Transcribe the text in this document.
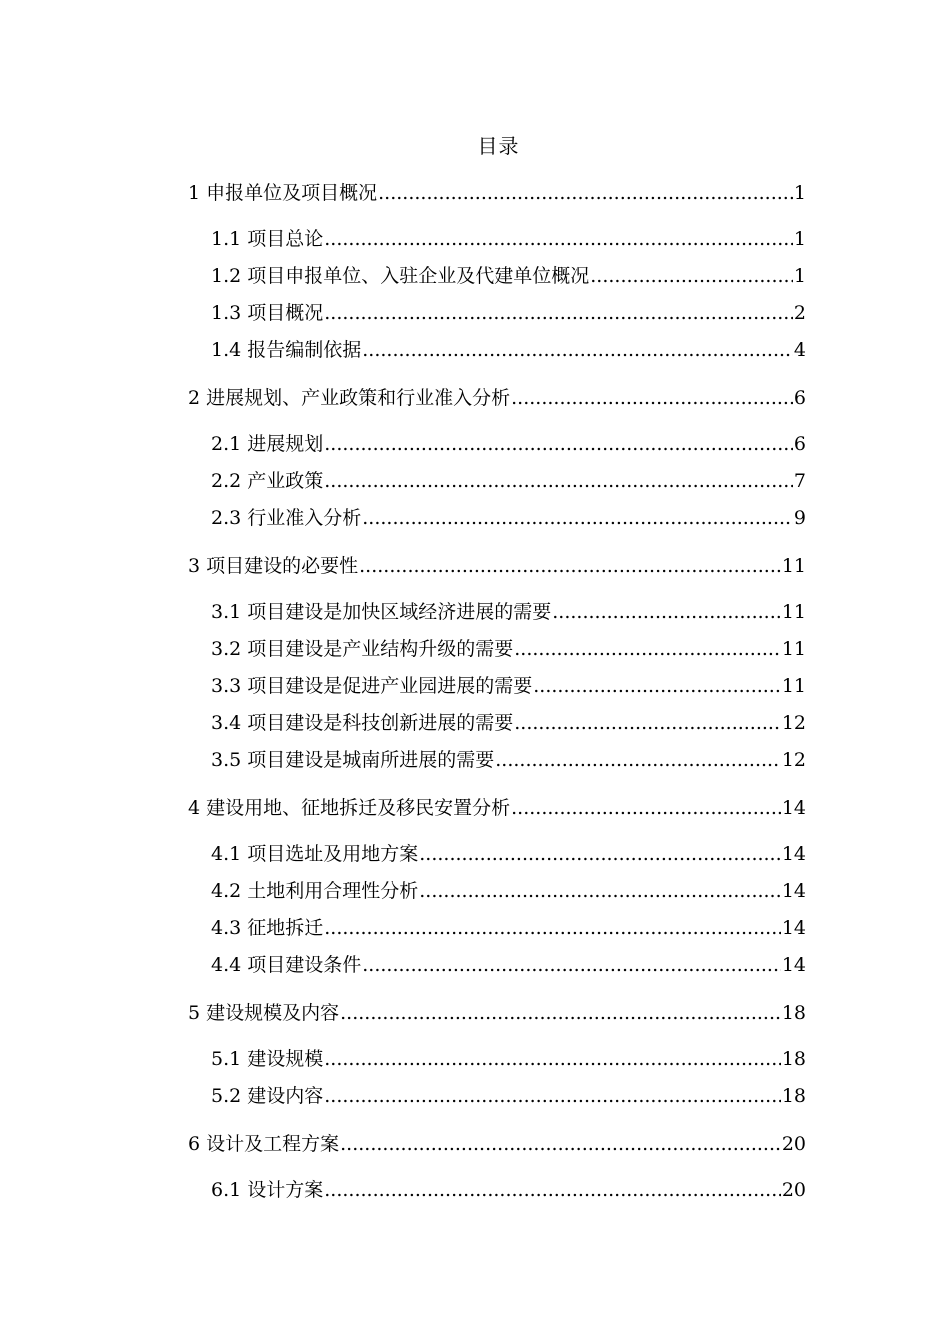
目录
1 申报单位及项目概况 .....	1
1.1 项目总论 .....	1
1.2 项目申报单位、入驻企业及代建单位概况 .....	1
1.3 项目概况 .....	2
1.4 报告编制依据 .....	4
2 进展规划、产业政策和行业准入分析 .....	6
2.1 进展规划 .....	6
2.2 产业政策 .....	7
2.3 行业准入分析 .....	9
3 项目建设的必要性 .....	11
3.1 项目建设是加快区域经济进展的需要 .....	11
3.2 项目建设是产业结构升级的需要 .....	11
3.3 项目建设是促进产业园进展的需要 .....	11
3.4 项目建设是科技创新进展的需要 .....	12
3.5 项目建设是城南所进展的需要 .....	12
4 建设用地、征地拆迁及移民安置分析 .....	14
4.1 项目选址及用地方案 .....	14
4.2 土地利用合理性分析 .....	14
4.3 征地拆迁 .....	14
4.4 项目建设条件 .....	14
5 建设规模及内容 .....	18
5.1 建设规模 .....	18
5.2 建设内容 .....	18
6 设计及工程方案 .....	20
6.1 设计方案 .....	20
